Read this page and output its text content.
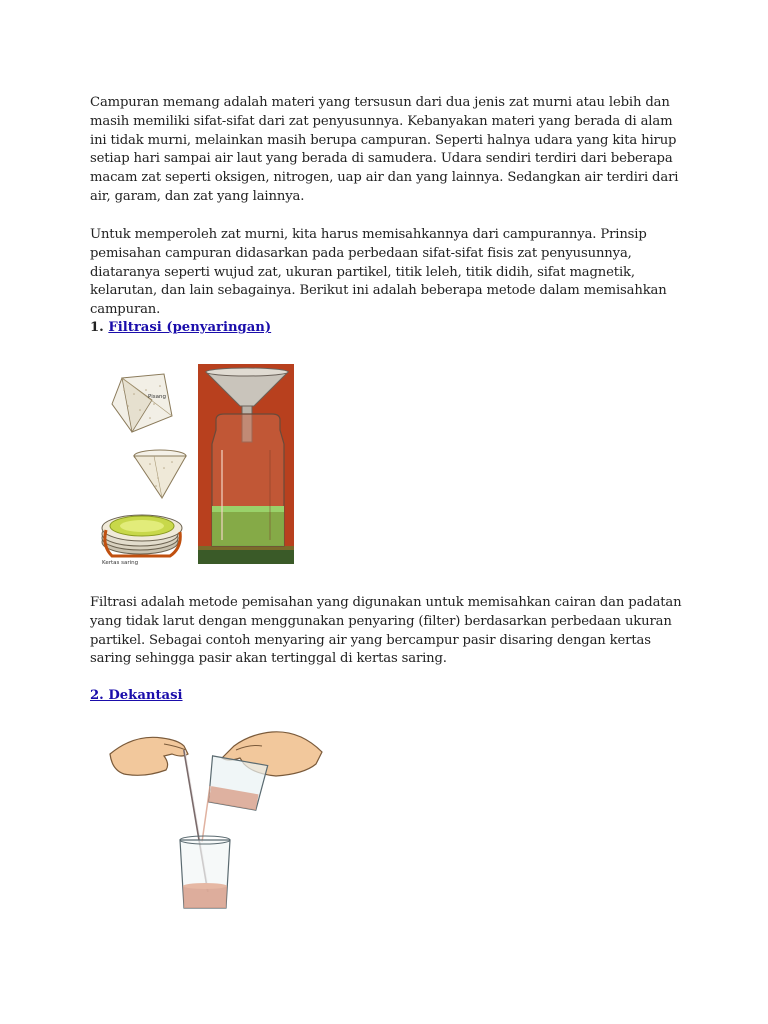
Campuran memang adalah materi yang tersusun dari dua jenis zat murni atau lebih dan masih memiliki sifat-sifat dari zat penyusunnya. Kebanyakan materi yang berada di alam ini tidak murni, melainkan masih berupa campuran. Seperti halnya udara yang kita hirup setiap hari sampai air laut yang berada di samudera. Udara sendiri terdiri dari beberapa macam zat seperti oksigen, nitrogen, uap air dan yang lainnya. Sedangkan air terdiri dari air, garam, dan zat yang lainnya.

Untuk memperoleh zat murni, kita harus memisahkannya dari campurannya. Prinsip pemisahan campuran didasarkan pada perbedaan sifat-sifat fisis zat penyusunnya, diataranya seperti wujud zat, ukuran partikel, titik leleh, titik didih, sifat magnetik, kelarutan, dan lain sebagainya. Berikut ini adalah beberapa metode dalam memisahkan campuran.

1. Filtrasi (penyaringan)
Pisang
Kertas saring

Filtrasi adalah metode pemisahan yang digunakan untuk memisahkan cairan dan padatan yang tidak larut dengan menggunakan penyaring (filter) berdasarkan perbedaan ukuran partikel. Sebagai contoh menyaring air yang bercampur pasir disaring dengan kertas saring sehingga pasir akan tertinggal di kertas saring.

2. Dekantasi
